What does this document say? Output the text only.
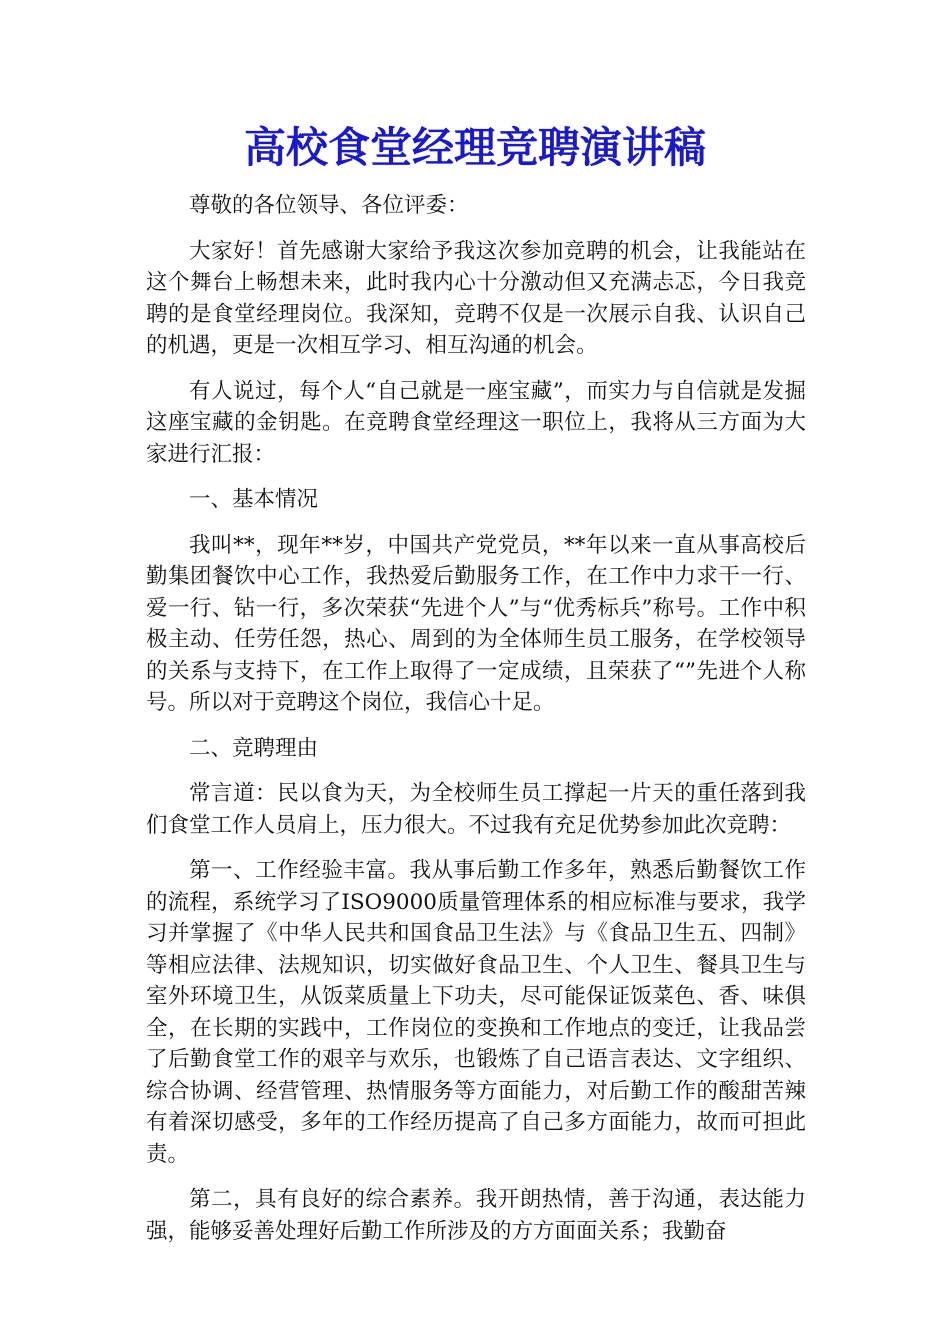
高校食堂经理竞聘演讲稿

尊敬的各位领导、各位评委：

大家好！首先感谢大家给予我这次参加竞聘的机会，让我能站在这个舞台上畅想未来，此时我内心十分激动但又充满忐忑，今日我竞聘的是食堂经理岗位。我深知，竞聘不仅是一次展示自我、认识自己的机遇，更是一次相互学习、相互沟通的机会。

有人说过，每个人“自己就是一座宝藏”，而实力与自信就是发掘这座宝藏的金钥匙。在竞聘食堂经理这一职位上，我将从三方面为大家进行汇报：

一、基本情况

我叫**，现年**岁，中国共产党党员，**年以来一直从事高校后勤集团餐饮中心工作，我热爱后勤服务工作，在工作中力求干一行、爱一行、钻一行，多次荣获“先进个人”与“优秀标兵”称号。工作中积极主动、任劳任怨，热心、周到的为全体师生员工服务，在学校领导的关系与支持下，在工作上取得了一定成绩，且荣获了“”先进个人称号。所以对于竞聘这个岗位，我信心十足。

二、竞聘理由

常言道：民以食为天，为全校师生员工撑起一片天的重任落到我们食堂工作人员肩上，压力很大。不过我有充足优势参加此次竞聘：

第一、工作经验丰富。我从事后勤工作多年，熟悉后勤餐饮工作的流程，系统学习了ISO9000质量管理体系的相应标准与要求，我学习并掌握了《中华人民共和国食品卫生法》与《食品卫生五、四制》等相应法律、法规知识，切实做好食品卫生、个人卫生、餐具卫生与室外环境卫生，从饭菜质量上下功夫，尽可能保证饭菜色、香、味俱全，在长期的实践中，工作岗位的变换和工作地点的变迁，让我品尝了后勤食堂工作的艰辛与欢乐，也锻炼了自己语言表达、文字组织、综合协调、经营管理、热情服务等方面能力，对后勤工作的酸甜苦辣有着深切感受，多年的工作经历提高了自己多方面能力，故而可担此责。

第二，具有良好的综合素养。我开朗热情，善于沟通，表达能力强，能够妥善处理好后勤工作所涉及的方方面面关系；我勤奋
